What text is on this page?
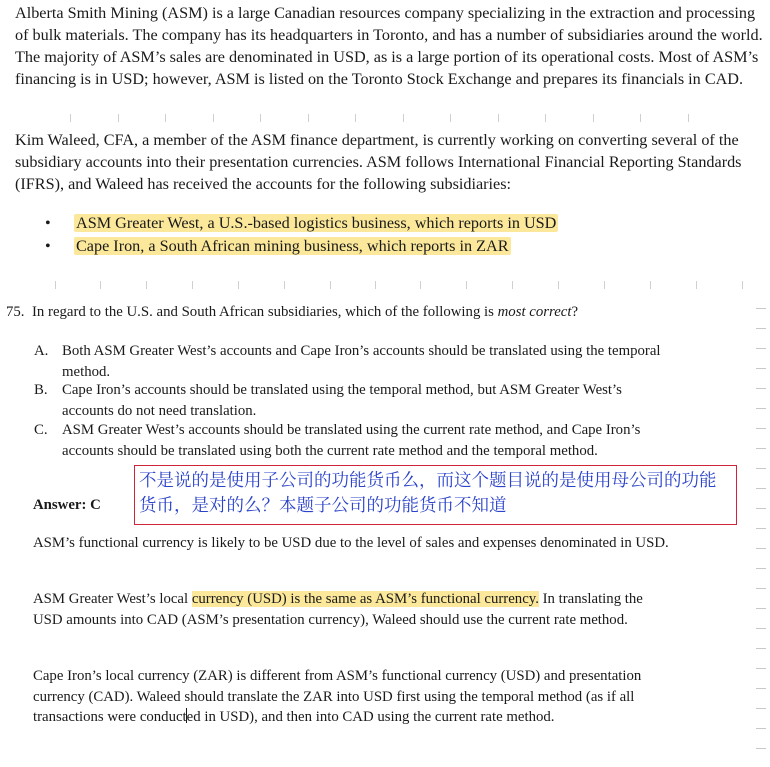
Alberta Smith Mining (ASM) is a large Canadian resources company specializing in the extraction and processing of bulk materials. The company has its headquarters in Toronto, and has a number of subsidiaries around the world. The majority of ASM’s sales are denominated in USD, as is a large portion of its operational costs. Most of ASM’s financing is in USD; however, ASM is listed on the Toronto Stock Exchange and prepares its financials in CAD.
Kim Waleed, CFA, a member of the ASM finance department, is currently working on converting several of the subsidiary accounts into their presentation currencies. ASM follows International Financial Reporting Standards (IFRS), and Waleed has received the accounts for the following subsidiaries:
• ASM Greater West, a U.S.-based logistics business, which reports in USD
• Cape Iron, a South African mining business, which reports in ZAR
75. In regard to the U.S. and South African subsidiaries, which of the following is most correct?
A. Both ASM Greater West’s accounts and Cape Iron’s accounts should be translated using the temporal method.
B. Cape Iron’s accounts should be translated using the temporal method, but ASM Greater West’s accounts do not need translation.
C. ASM Greater West’s accounts should be translated using the current rate method, and Cape Iron’s accounts should be translated using both the current rate method and the temporal method.
Answer: C
不是说的是使用子公司的功能货币么，而这个题目说的是使用母公司的功能货币，是对的么？本题子公司的功能货币不知道
ASM’s functional currency is likely to be USD due to the level of sales and expenses denominated in USD.
ASM Greater West’s local currency (USD) is the same as ASM’s functional currency. In translating the USD amounts into CAD (ASM’s presentation currency), Waleed should use the current rate method.
Cape Iron’s local currency (ZAR) is different from ASM’s functional currency (USD) and presentation currency (CAD). Waleed should translate the ZAR into USD first using the temporal method (as if all transactions were conducted in USD), and then into CAD using the current rate method.
